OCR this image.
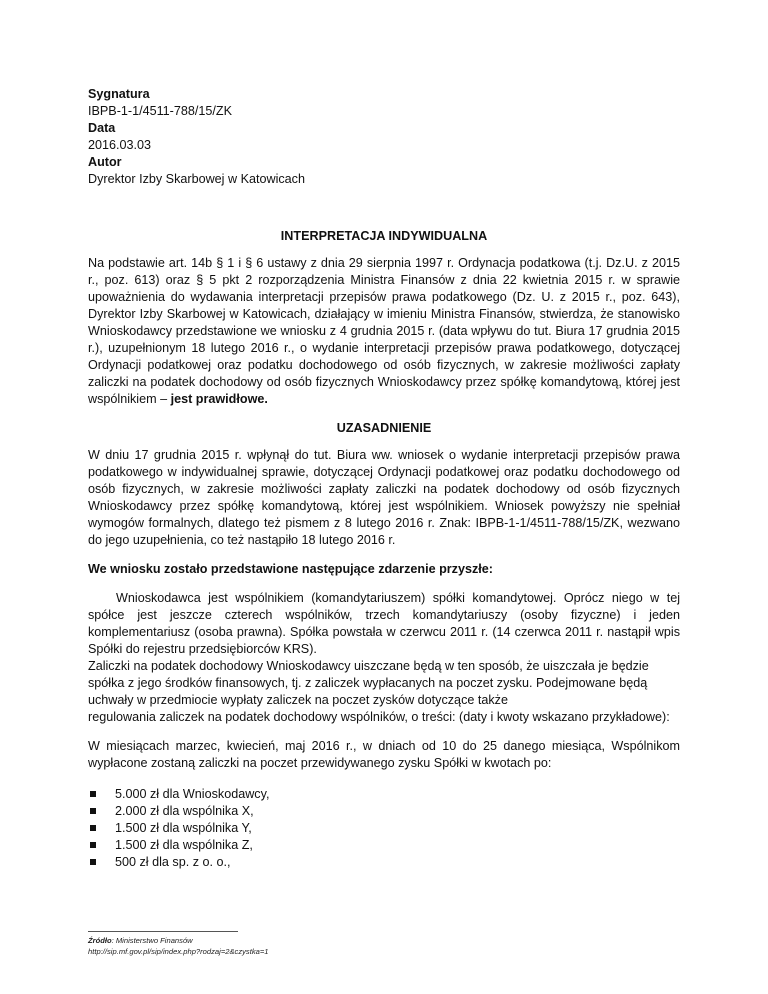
Sygnatura
IBPB-1-1/4511-788/15/ZK
Data
2016.03.03
Autor
Dyrektor Izby Skarbowej w Katowicach
INTERPRETACJA INDYWIDUALNA

Na podstawie art. 14b § 1 i § 6 ustawy z dnia 29 sierpnia 1997 r. Ordynacja podatkowa (t.j. Dz.U. z 2015 r., poz. 613) oraz § 5 pkt 2 rozporządzenia Ministra Finansów z dnia 22 kwietnia 2015 r. w sprawie upoważnienia do wydawania interpretacji przepisów prawa podatkowego (Dz. U. z 2015 r., poz. 643), Dyrektor Izby Skarbowej w Katowicach, działający w imieniu Ministra Finansów, stwierdza, że stanowisko Wnioskodawcy przedstawione we wniosku z 4 grudnia 2015 r. (data wpływu do tut. Biura 17 grudnia 2015 r.), uzupełnionym 18 lutego 2016 r., o wydanie interpretacji przepisów prawa podatkowego, dotyczącej Ordynacji podatkowej oraz podatku dochodowego od osób fizycznych, w zakresie możliwości zapłaty zaliczki na podatek dochodowy od osób fizycznych Wnioskodawcy przez spółkę komandytową, której jest wspólnikiem – jest prawidłowe.

UZASADNIENIE

W dniu 17 grudnia 2015 r. wpłynął do tut. Biura ww. wniosek o wydanie interpretacji przepisów prawa podatkowego w indywidualnej sprawie, dotyczącej Ordynacji podatkowej oraz podatku dochodowego od osób fizycznych, w zakresie możliwości zapłaty zaliczki na podatek dochodowy od osób fizycznych Wnioskodawcy przez spółkę komandytową, której jest wspólnikiem. Wniosek powyższy nie spełniał wymogów formalnych, dlatego też pismem z 8 lutego 2016 r. Znak: IBPB-1-1/4511-788/15/ZK, wezwano do jego uzupełnienia, co też nastąpiło 18 lutego 2016 r.

We wniosku zostało przedstawione następujące zdarzenie przyszłe:

Wnioskodawca jest wspólnikiem (komandytariuszem) spółki komandytowej. Oprócz niego w tej spółce jest jeszcze czterech wspólników, trzech komandytariuszy (osoby fizyczne) i jeden komplementariusz (osoba prawna). Spółka powstała w czerwcu 2011 r. (14 czerwca 2011 r. nastąpił wpis Spółki do rejestru przedsiębiorców KRS).

Zaliczki na podatek dochodowy Wnioskodawcy uiszczane będą w ten sposób, że uiszczała je będzie spółka z jego środków finansowych, tj. z zaliczek wypłacanych na poczet zysku. Podejmowane będą uchwały w przedmiocie wypłaty zaliczek na poczet zysków dotyczące także

regulowania zaliczek na podatek dochodowy wspólników, o treści: (daty i kwoty wskazano przykładowe):

W miesiącach marzec, kwiecień, maj 2016 r., w dniach od 10 do 25 danego miesiąca, Wspólnikom wypłacone zostaną zaliczki na poczet przewidywanego zysku Spółki w kwotach po:

5.000 zł dla Wnioskodawcy,
2.000 zł dla wspólnika X,
1.500 zł dla wspólnika Y,
1.500 zł dla wspólnika Z,
500 zł dla sp. z o. o.,
Źródło: Ministerstwo Finansów
http://sip.mf.gov.pl/sip/index.php?rodzaj=2&czystka=1
